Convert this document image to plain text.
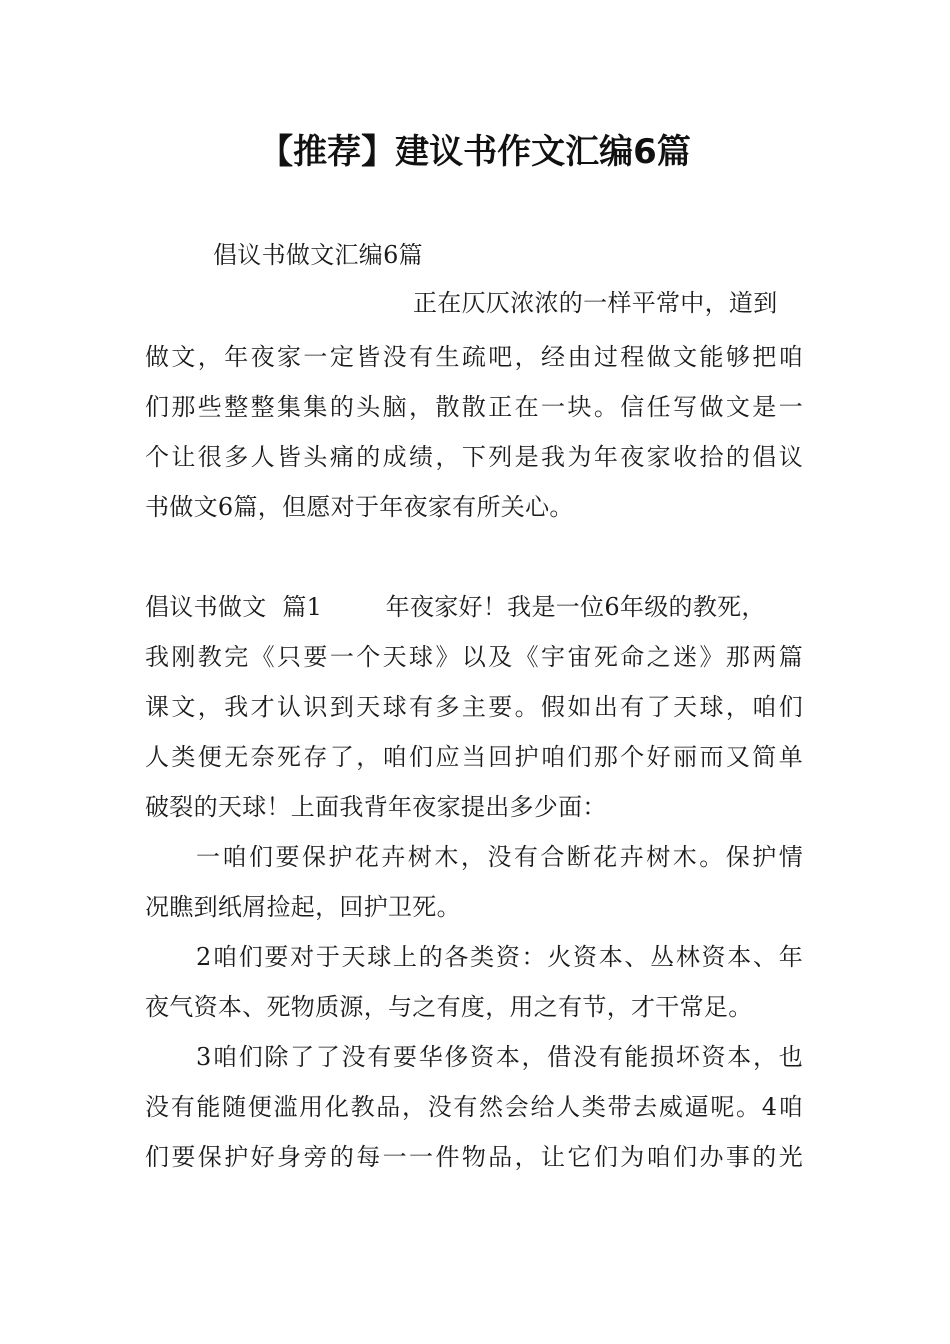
【推荐】建议书作文汇编6篇
倡议书做文汇编6篇
正在仄仄浓浓的一样平常中，道到
做文，年夜家一定皆没有生疏吧，经由过程做文能够把咱
们那些整整集集的头脑，散散正在一块。信任写做文是一
个让很多人皆头痛的成绩，下列是我为年夜家收拾的倡议
书做文6篇，但愿对于年夜家有所关心。
倡议书做文  篇1        年夜家好！我是一位6年级的教死，
我刚教完《只要一个天球》以及《宇宙死命之迷》那两篇
课文，我才认识到天球有多主要。假如出有了天球，咱们
人类便无奈死存了，咱们应当回护咱们那个好丽而又简单
破裂的天球！上面我背年夜家提出多少面：
一咱们要保护花卉树木，没有合断花卉树木。保护情
况瞧到纸屑捡起，回护卫死。
2咱们要对于天球上的各类资：火资本、丛林资本、年
夜气资本、死物质源，与之有度，用之有节，才干常足。
3咱们除了了没有要华侈资本，借没有能损坏资本，也
没有能随便滥用化教品，没有然会给人类带去威逼呢。4咱
们要保护好身旁的每一一件物品，让它们为咱们办事的光
